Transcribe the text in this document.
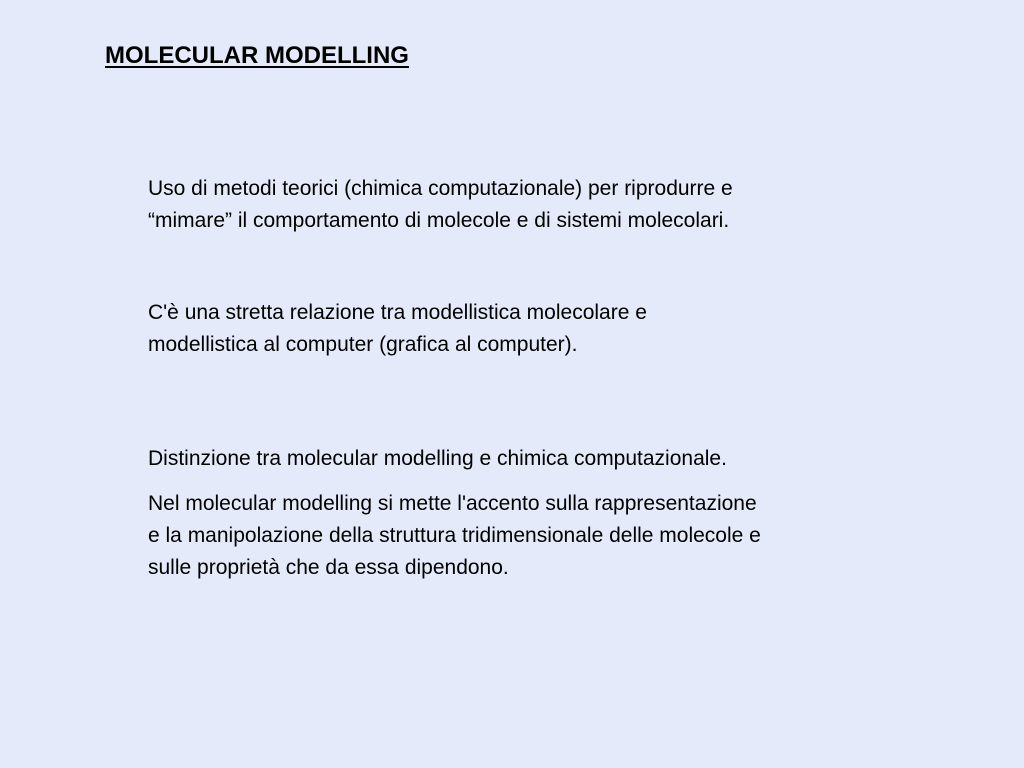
MOLECULAR MODELLING

Uso di metodi teorici (chimica computazionale) per riprodurre e
“mimare” il comportamento di molecole e di sistemi molecolari.

C'è una stretta relazione tra modellistica molecolare e
modellistica al computer (grafica al computer).

Distinzione tra molecular modelling e chimica computazionale.

Nel molecular modelling si mette l'accento sulla rappresentazione
e la manipolazione della struttura tridimensionale delle molecole e
sulle proprietà che da essa dipendono.
